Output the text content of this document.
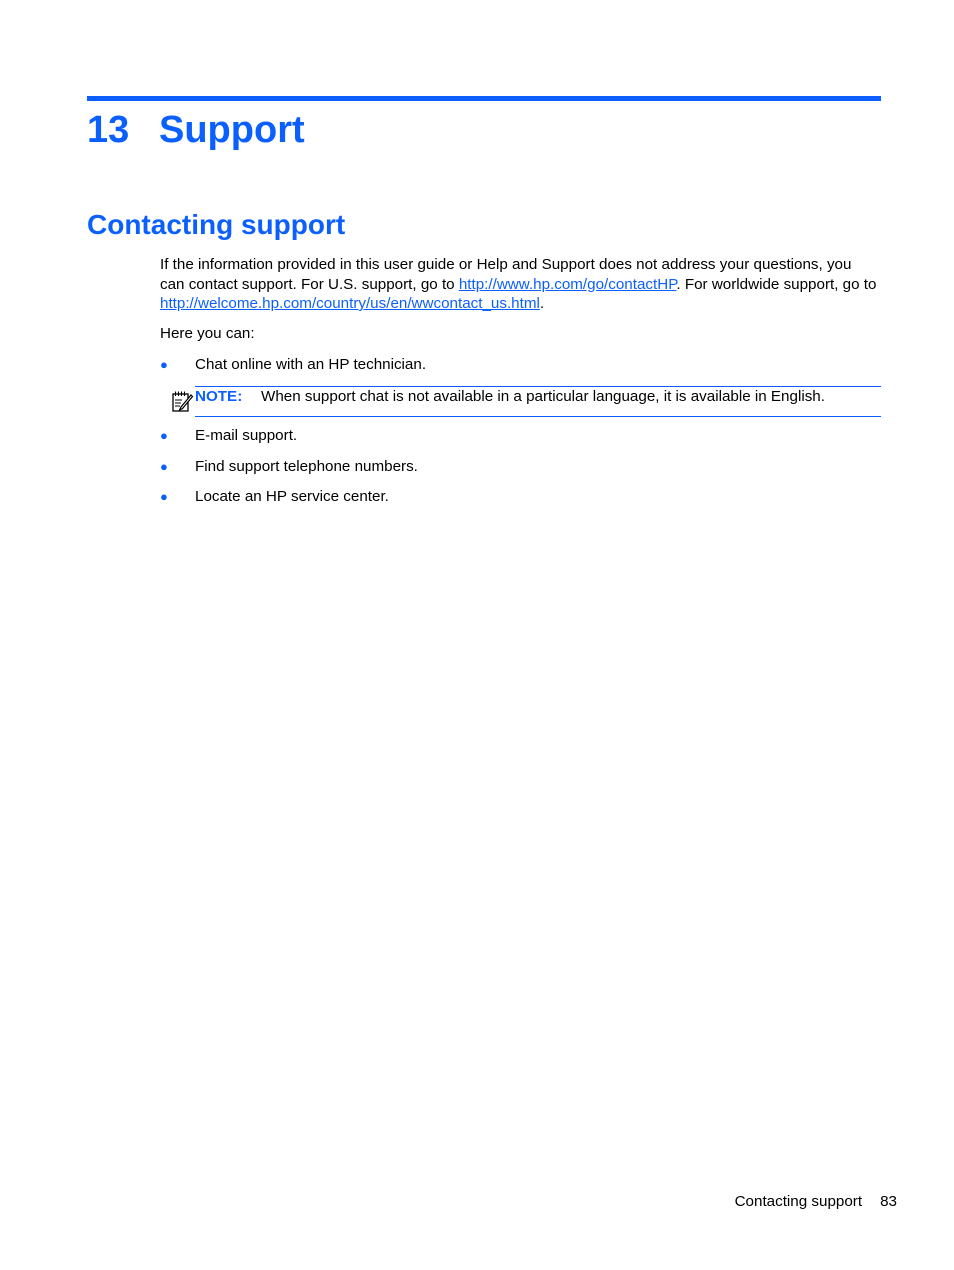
13 Support
Contacting support

If the information provided in this user guide or Help and Support does not address your questions, you can contact support. For U.S. support, go to http://www.hp.com/go/contactHP. For worldwide support, go to http://welcome.hp.com/country/us/en/wwcontact_us.html.

Here you can:

● Chat online with an HP technician.
NOTE: When support chat is not available in a particular language, it is available in English.
● E-mail support.
● Find support telephone numbers.
● Locate an HP service center.
Contacting support 83
